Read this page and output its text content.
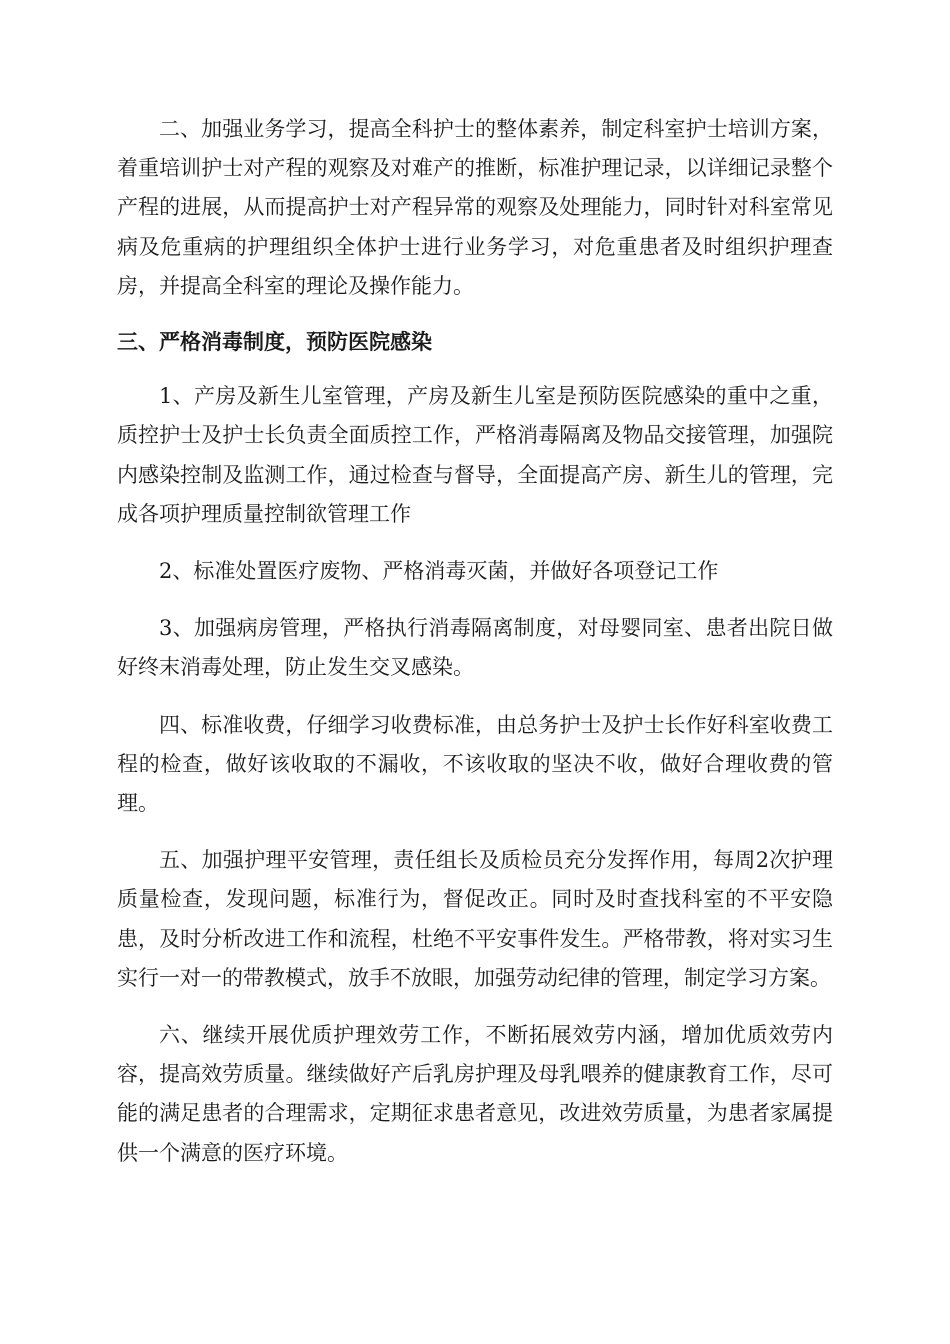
二、加强业务学习，提高全科护士的整体素养，制定科室护士培训方案，着重培训护士对产程的观察及对难产的推断，标准护理记录，以详细记录整个产程的进展，从而提高护士对产程异常的观察及处理能力，同时针对科室常见病及危重病的护理组织全体护士进行业务学习，对危重患者及时组织护理查房，并提高全科室的理论及操作能力。

三、严格消毒制度，预防医院感染

1、产房及新生儿室管理，产房及新生儿室是预防医院感染的重中之重，质控护士及护士长负责全面质控工作，严格消毒隔离及物品交接管理，加强院内感染控制及监测工作，通过检查与督导，全面提高产房、新生儿的管理，完成各项护理质量控制欲管理工作

2、标准处置医疗废物、严格消毒灭菌，并做好各项登记工作

3、加强病房管理，严格执行消毒隔离制度，对母婴同室、患者出院日做好终末消毒处理，防止发生交叉感染。

四、标准收费，仔细学习收费标准，由总务护士及护士长作好科室收费工程的检查，做好该收取的不漏收，不该收取的坚决不收，做好合理收费的管理。

五、加强护理平安管理，责任组长及质检员充分发挥作用，每周2次护理质量检查，发现问题，标准行为，督促改正。同时及时查找科室的不平安隐患，及时分析改进工作和流程，杜绝不平安事件发生。严格带教，将对实习生实行一对一的带教模式，放手不放眼，加强劳动纪律的管理，制定学习方案。

六、继续开展优质护理效劳工作，不断拓展效劳内涵，增加优质效劳内容，提高效劳质量。继续做好产后乳房护理及母乳喂养的健康教育工作，尽可能的满足患者的合理需求，定期征求患者意见，改进效劳质量，为患者家属提供一个满意的医疗环境。
